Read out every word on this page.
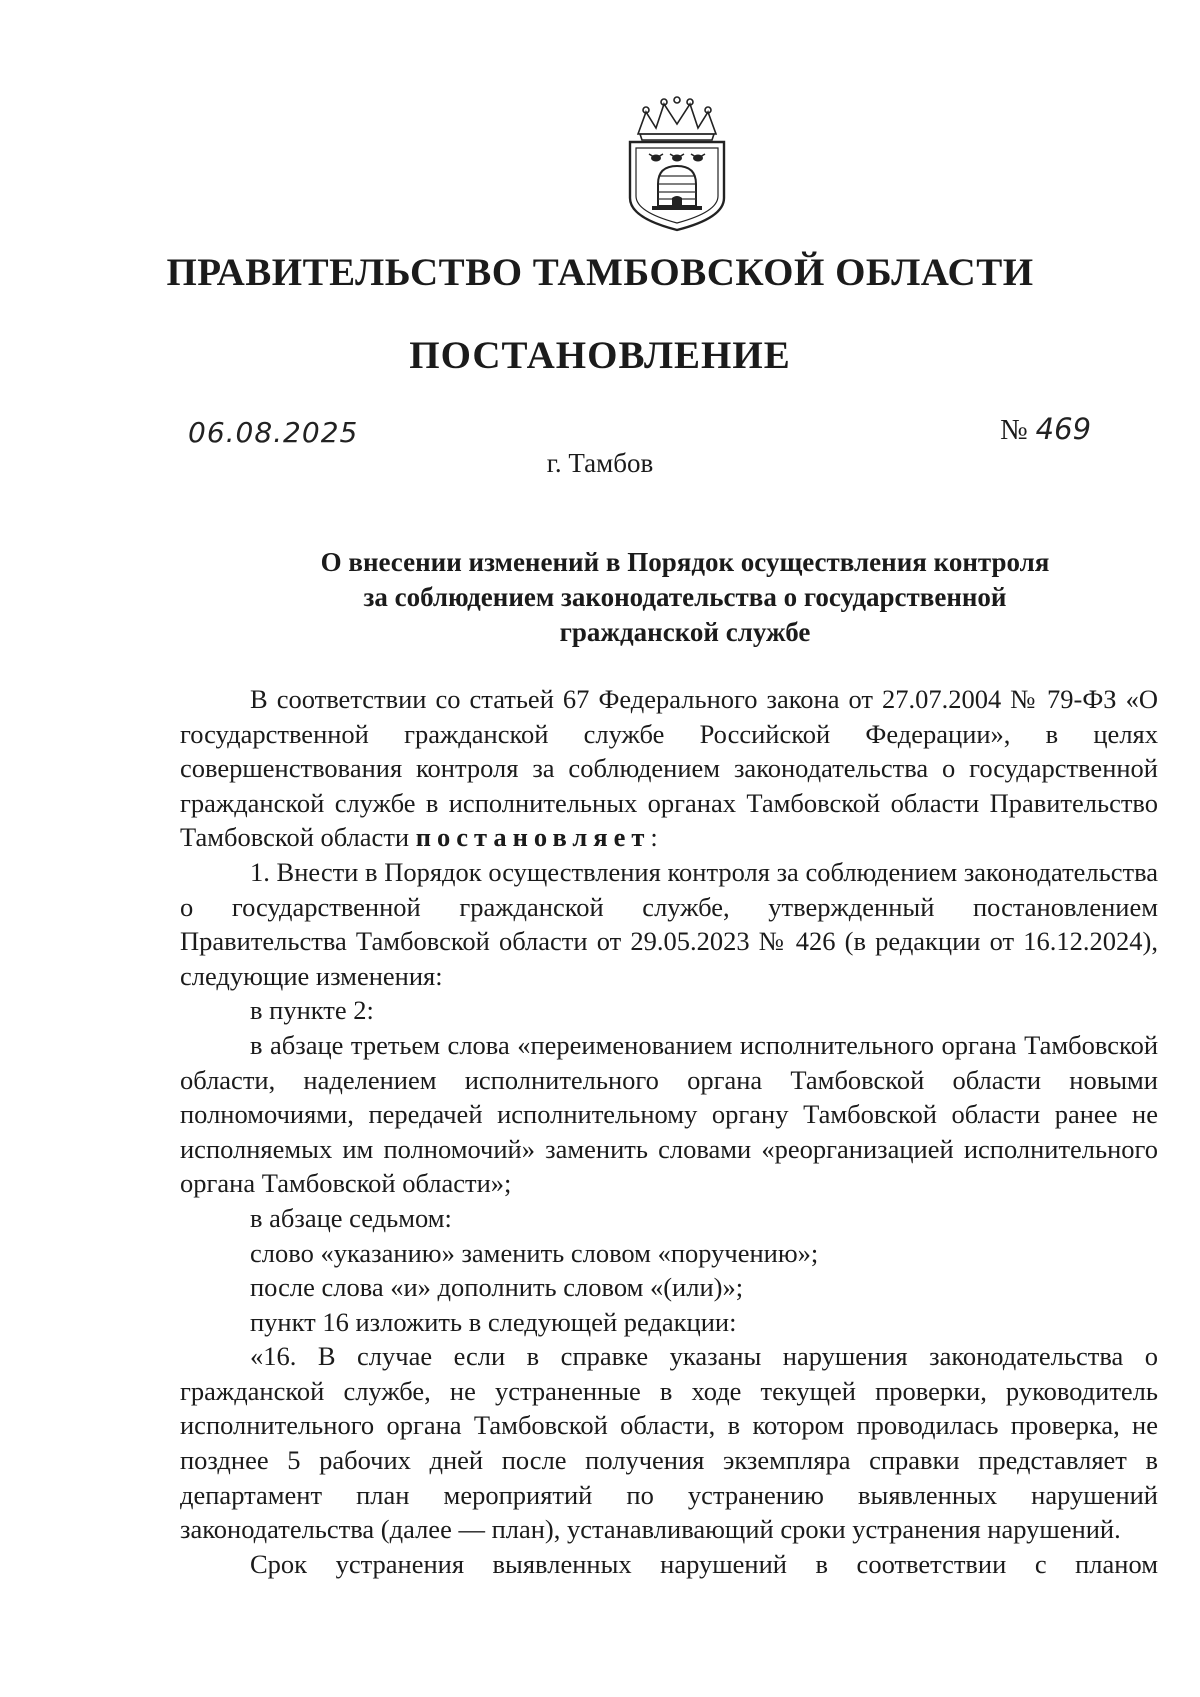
ПРАВИТЕЛЬСТВО ТАМБОВСКОЙ ОБЛАСТИ
ПОСТАНОВЛЕНИЕ
06.08.2025	№ 469
г. Тамбов
О внесении изменений в Порядок осуществления контроля
за соблюдением законодательства о государственной
гражданской службе

В соответствии со статьей 67 Федерального закона от 27.07.2004 № 79-ФЗ «О государственной гражданской службе Российской Федерации», в целях совершенствования контроля за соблюдением законодательства о государственной гражданской службе в исполнительных органах Тамбовской области Правительство Тамбовской области постановляет:

1. Внести в Порядок осуществления контроля за соблюдением законодательства о государственной гражданской службе, утвержденный постановлением Правительства Тамбовской области от 29.05.2023 № 426 (в редакции от 16.12.2024), следующие изменения:

в пункте 2:

в абзаце третьем слова «переименованием исполнительного органа Тамбовской области, наделением исполнительного органа Тамбовской области новыми полномочиями, передачей исполнительному органу Тамбовской области ранее не исполняемых им полномочий» заменить словами «реорганизацией исполнительного органа Тамбовской области»;

в абзаце седьмом:

слово «указанию» заменить словом «поручению»;

после слова «и» дополнить словом «(или)»;

пункт 16 изложить в следующей редакции:

«16. В случае если в справке указаны нарушения законодательства о гражданской службе, не устраненные в ходе текущей проверки, руководитель исполнительного органа Тамбовской области, в котором проводилась проверка, не позднее 5 рабочих дней после получения экземпляра справки представляет в департамент план мероприятий по устранению выявленных нарушений законодательства (далее — план), устанавливающий сроки устранения нарушений.

Срок устранения выявленных нарушений в соответствии с планом
